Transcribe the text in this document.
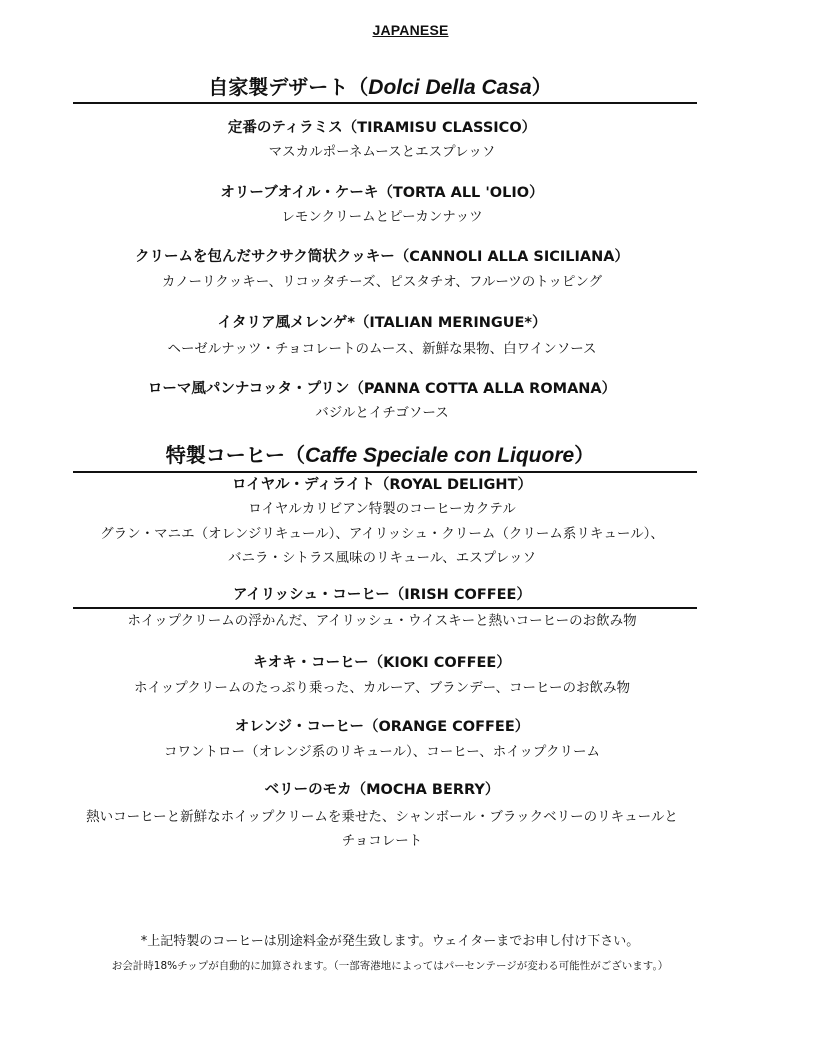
JAPANESE
自家製デザート（Dolci Della Casa）
定番のティラミス（TIRAMISU CLASSICO）
マスカルポーネムースとエスプレッソ
オリーブオイル・ケーキ（TORTA ALL 'OLIO）
レモンクリームとピーカンナッツ
クリームを包んだサクサク筒状クッキー（CANNOLI ALLA SICILIANA）
カノーリクッキー、リコッタチーズ、ピスタチオ、フルーツのトッピング
イタリア風メレンゲ*（ITALIAN MERINGUE*）
ヘーゼルナッツ・チョコレートのムース、新鮮な果物、白ワインソース
ローマ風パンナコッタ・プリン（PANNA COTTA ALLA ROMANA）
バジルとイチゴソース
特製コーヒー（Caffe Speciale con Liquore）
ロイヤル・ディライト（ROYAL DELIGHT）
ロイヤルカリビアン特製のコーヒーカクテル
グラン・マニエ（オレンジリキュール）、アイリッシュ・クリーム（クリーム系リキュール）、
バニラ・シトラス風味のリキュール、エスプレッソ
アイリッシュ・コーヒー（IRISH COFFEE）
ホイップクリームの浮かんだ、アイリッシュ・ウイスキーと熱いコーヒーのお飲み物
キオキ・コーヒー（KIOKI COFFEE）
ホイップクリームのたっぷり乗った、カルーア、ブランデー、コーヒーのお飲み物
オレンジ・コーヒー（ORANGE COFFEE）
コワントロー（オレンジ系のリキュール）、コーヒー、ホイップクリーム
ベリーのモカ（MOCHA BERRY）
熱いコーヒーと新鮮なホイップクリームを乗せた、シャンボール・ブラックベリーのリキュールと
チョコレート
*上記特製のコーヒーは別途料金が発生致します。ウェイターまでお申し付け下さい。
お会計時18%チップが自動的に加算されます。（一部寄港地によってはパーセンテージが変わる可能性がございます。）
